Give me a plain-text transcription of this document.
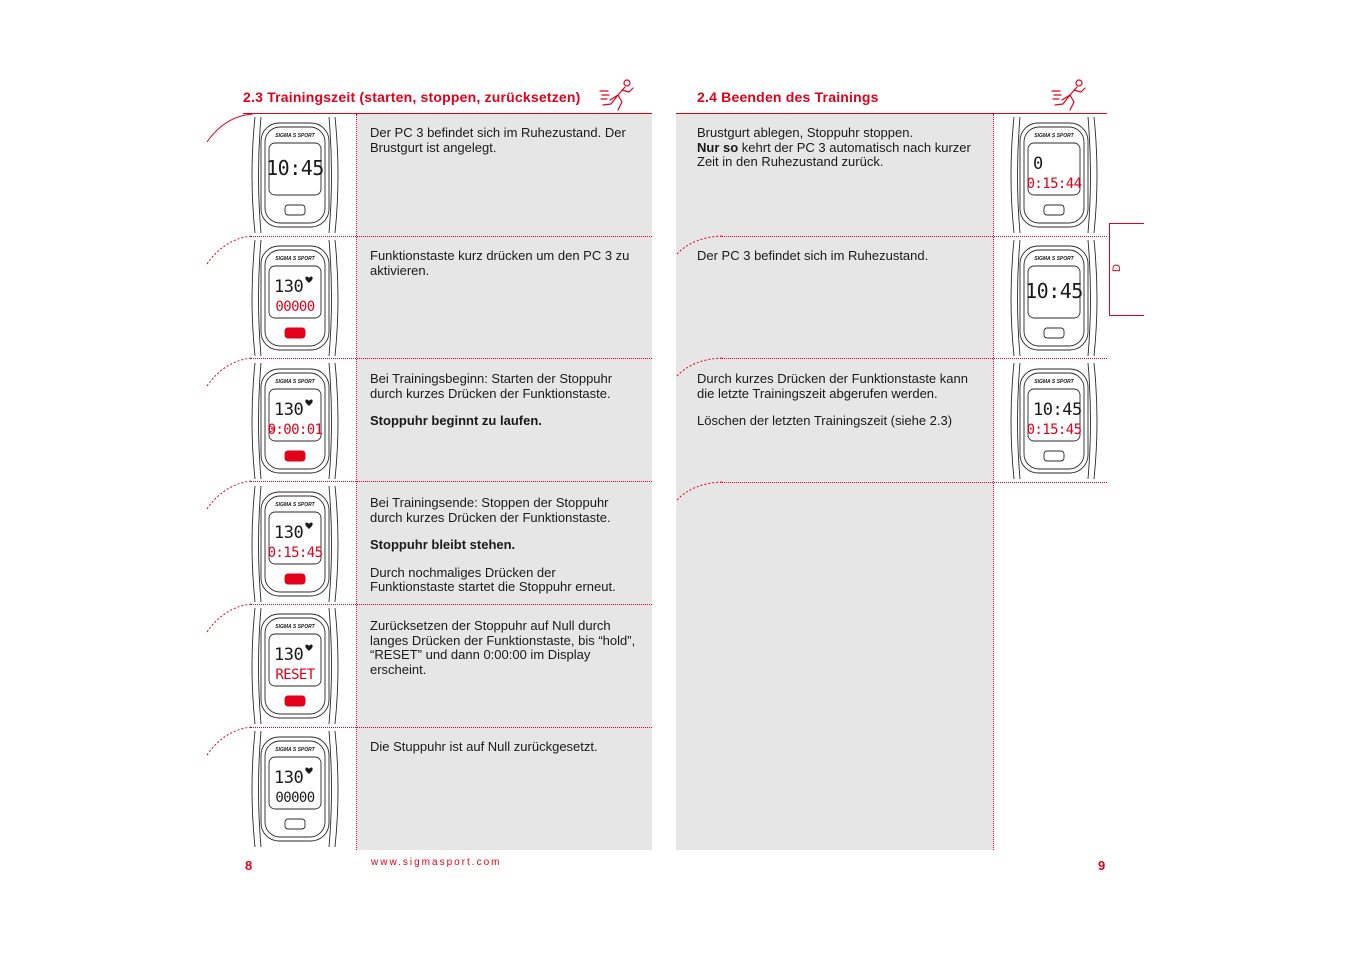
2.3 Trainingszeit (starten, stoppen, zurücksetzen)

Der PC 3 befindet sich im Ruhezustand. Der Brustgurt ist angelegt.

Funktionstaste kurz drücken um den PC 3 zu aktivieren.

Bei Trainingsbeginn: Starten der Stoppuhr durch kurzes Drücken der Funktionstaste.

Stoppuhr beginnt zu laufen.

Bei Trainingsende: Stoppen der Stoppuhr durch kurzes Drücken der Funktionstaste.

Stoppuhr bleibt stehen.

Durch nochmaliges Drücken der Funktionstaste startet die Stoppuhr erneut.

Zurücksetzen der Stoppuhr auf Null durch langes Drücken der Funktionstaste, bis “hold”, “RESET” und dann 0:00:00 im Display erscheint.

Die Stuppuhr ist auf Null zurückgesetzt.

SIGMA S SPORT
10:45
SIGMA S SPORT
130
00000
SIGMA S SPORT
130
0:00:01
SIGMA S SPORT
130
0:15:45
SIGMA S SPORT
130
RESET
SIGMA S SPORT
130
00000
8	www.sigmasport.com
2.4 Beenden des Trainings

Brustgurt ablegen, Stoppuhr stoppen.

Nur so kehrt der PC 3 automatisch nach kurzer Zeit in den Ruhezustand zurück.

Der PC 3 befindet sich im Ruhezustand.

Durch kurzes Drücken der Funktionstaste kann die letzte Trainingszeit abgerufen werden.

Löschen der letzten Trainingszeit (siehe 2.3)

SIGMA S SPORT
0
0:15:44
SIGMA S SPORT
10:45
SIGMA S SPORT
10:45
0:15:45
D
9
